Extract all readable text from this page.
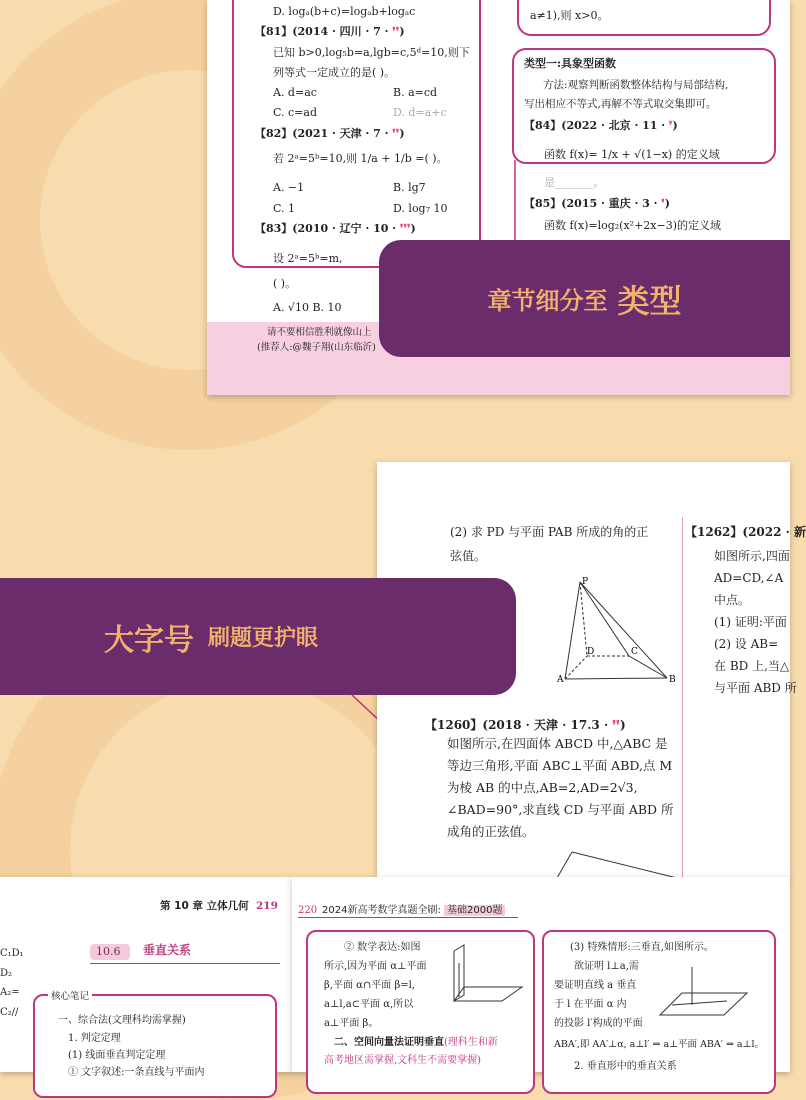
D. logₐ(b+c)=logₐb+logₐc
【81】(2014 · 四川 · 7 · ❜❜)
已知 b>0,log₅b=a,lgb=c,5ᵈ=10,则下
列等式一定成立的是( )。
A. d=ac	B. a=cd
C. c=ad	D. d=a+c
【82】(2021 · 天津 · 7 · ❜❜)
若 2ᵃ=5ᵇ=10,则 1/a + 1/b =( )。
A. −1	B. lg7
C. 1	D. log₇ 10
【83】(2010 · 辽宁 · 10 · ❜❜❜)
设 2ᵃ=5ᵇ=m,
( )。
A. √10 B. 10
a≠1),则 x>0。
类型一:具象型函数
方法:观察判断函数整体结构与局部结构,
写出相应不等式,再解不等式取交集即可。
【84】(2022 · 北京 · 11 · ❜)
函数 f(x)= 1/x + √(1−x) 的定义域
是_______。
【85】(2015 · 重庆 · 3 · ❜)
函数 f(x)=log₂(x²+2x−3)的定义域
请不要相信胜利就像山上
(推荐人:@魏子翔(山东临沂)
章节细分至 类型
(2) 求 PD 与平面 PAB 所成的角的正
弦值。
P
D	C
A	B
【1262】(2022 · 新
如图所示,四面
AD=CD,∠A
中点。
(1) 证明:平面
(2) 设 AB=
在 BD 上,当△
与平面 ABD 所
【1260】(2018 · 天津 · 17.3 · ❜❜)
如图所示,在四面体 ABCD 中,△ABC 是
等边三角形,平面 ABC⊥平面 ABD,点 M
为棱 AB 的中点,AB=2,AD=2√3,
∠BAD=90°,求直线 CD 与平面 ABD 所
成角的正弦值。
大字号 刷题更护眼
第 10 章 立体几何 219
10.6 垂直关系
核心笔记
一、综合法(文理科均需掌握)
1. 判定定理
(1) 线面垂直判定定理
① 文字叙述:一条直线与平面内
C₁D₁
D₂
A₂=
C₂//
220 2024新高考数学真题全刷: 基础2000题
② 数学表达:如图
所示,因为平面 α⊥平面
β,平面 α∩平面 β=l,
a⊥l,a⊂平面 α,所以
a⊥平面 β。
二、空间向量法证明垂直(理科生和新
高考地区需掌握,文科生不需要掌握)
(3) 特殊情形:三垂直,如图所示。
欲证明 l⊥a,需
要证明直线 a 垂直
于 l 在平面 α 内
的投影 l′构成的平面
ABA′,即 AA′⊥α, a⊥l′ ⇒ a⊥平面 ABA′ ⇒ a⊥l。
2. 垂直形中的垂直关系
